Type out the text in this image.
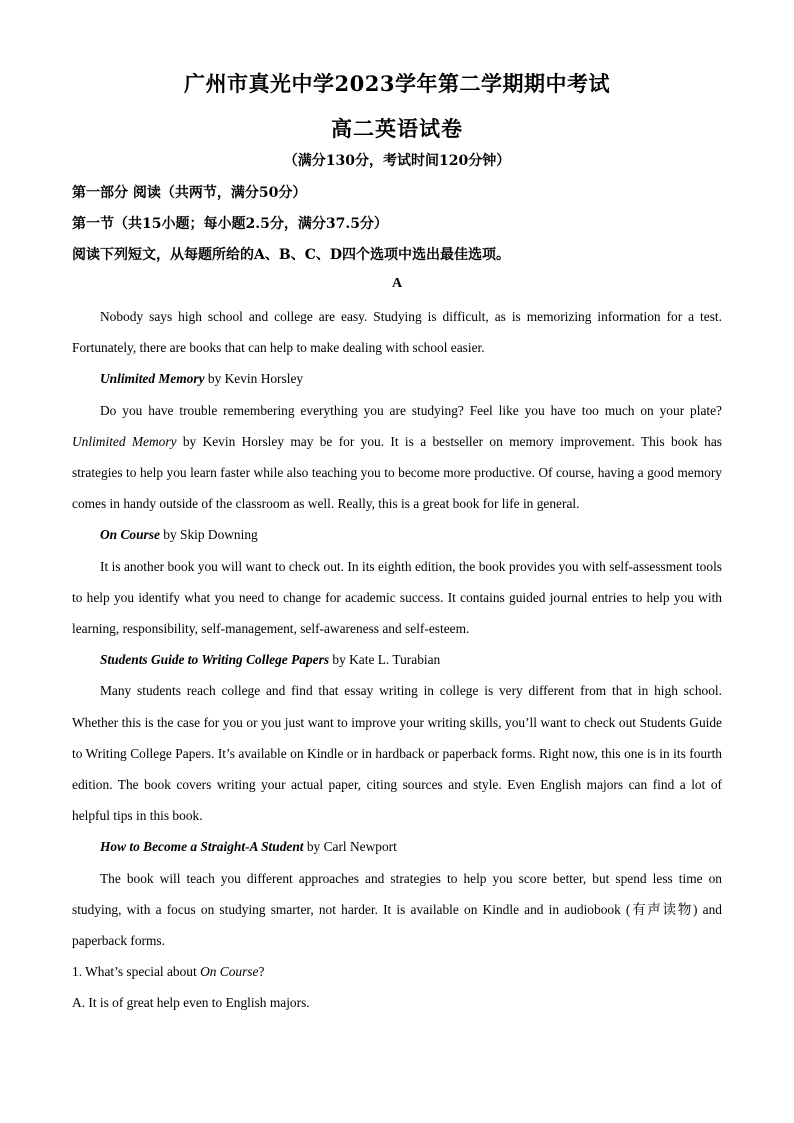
广州市真光中学2023学年第二学期期中考试
高二英语试卷
（满分130分，考试时间120分钟）
第一部分 阅读（共两节，满分50分）
第一节（共15小题；每小题2.5分，满分37.5分）
阅读下列短文，从每题所给的A、B、C、D四个选项中选出最佳选项。
A

Nobody says high school and college are easy. Studying is difficult, as is memorizing information for a test. Fortunately, there are books that can help to make dealing with school easier.

Unlimited Memory by Kevin Horsley

Do you have trouble remembering everything you are studying? Feel like you have too much on your plate? Unlimited Memory by Kevin Horsley may be for you. It is a bestseller on memory improvement. This book has strategies to help you learn faster while also teaching you to become more productive. Of course, having a good memory comes in handy outside of the classroom as well. Really, this is a great book for life in general.

On Course by Skip Downing

It is another book you will want to check out. In its eighth edition, the book provides you with self-assessment tools to help you identify what you need to change for academic success. It contains guided journal entries to help you with learning, responsibility, self-management, self-awareness and self-esteem.

Students Guide to Writing College Papers by Kate L. Turabian

Many students reach college and find that essay writing in college is very different from that in high school. Whether this is the case for you or you just want to improve your writing skills, you’ll want to check out Students Guide to Writing College Papers. It’s available on Kindle or in hardback or paperback forms. Right now, this one is in its fourth edition. The book covers writing your actual paper, citing sources and style. Even English majors can find a lot of helpful tips in this book.

How to Become a Straight-A Student by Carl Newport

The book will teach you different approaches and strategies to help you score better, but spend less time on studying, with a focus on studying smarter, not harder. It is available on Kindle and in audiobook (有声读物) and paperback forms.

1. What’s special about On Course?

A. It is of great help even to English majors.
